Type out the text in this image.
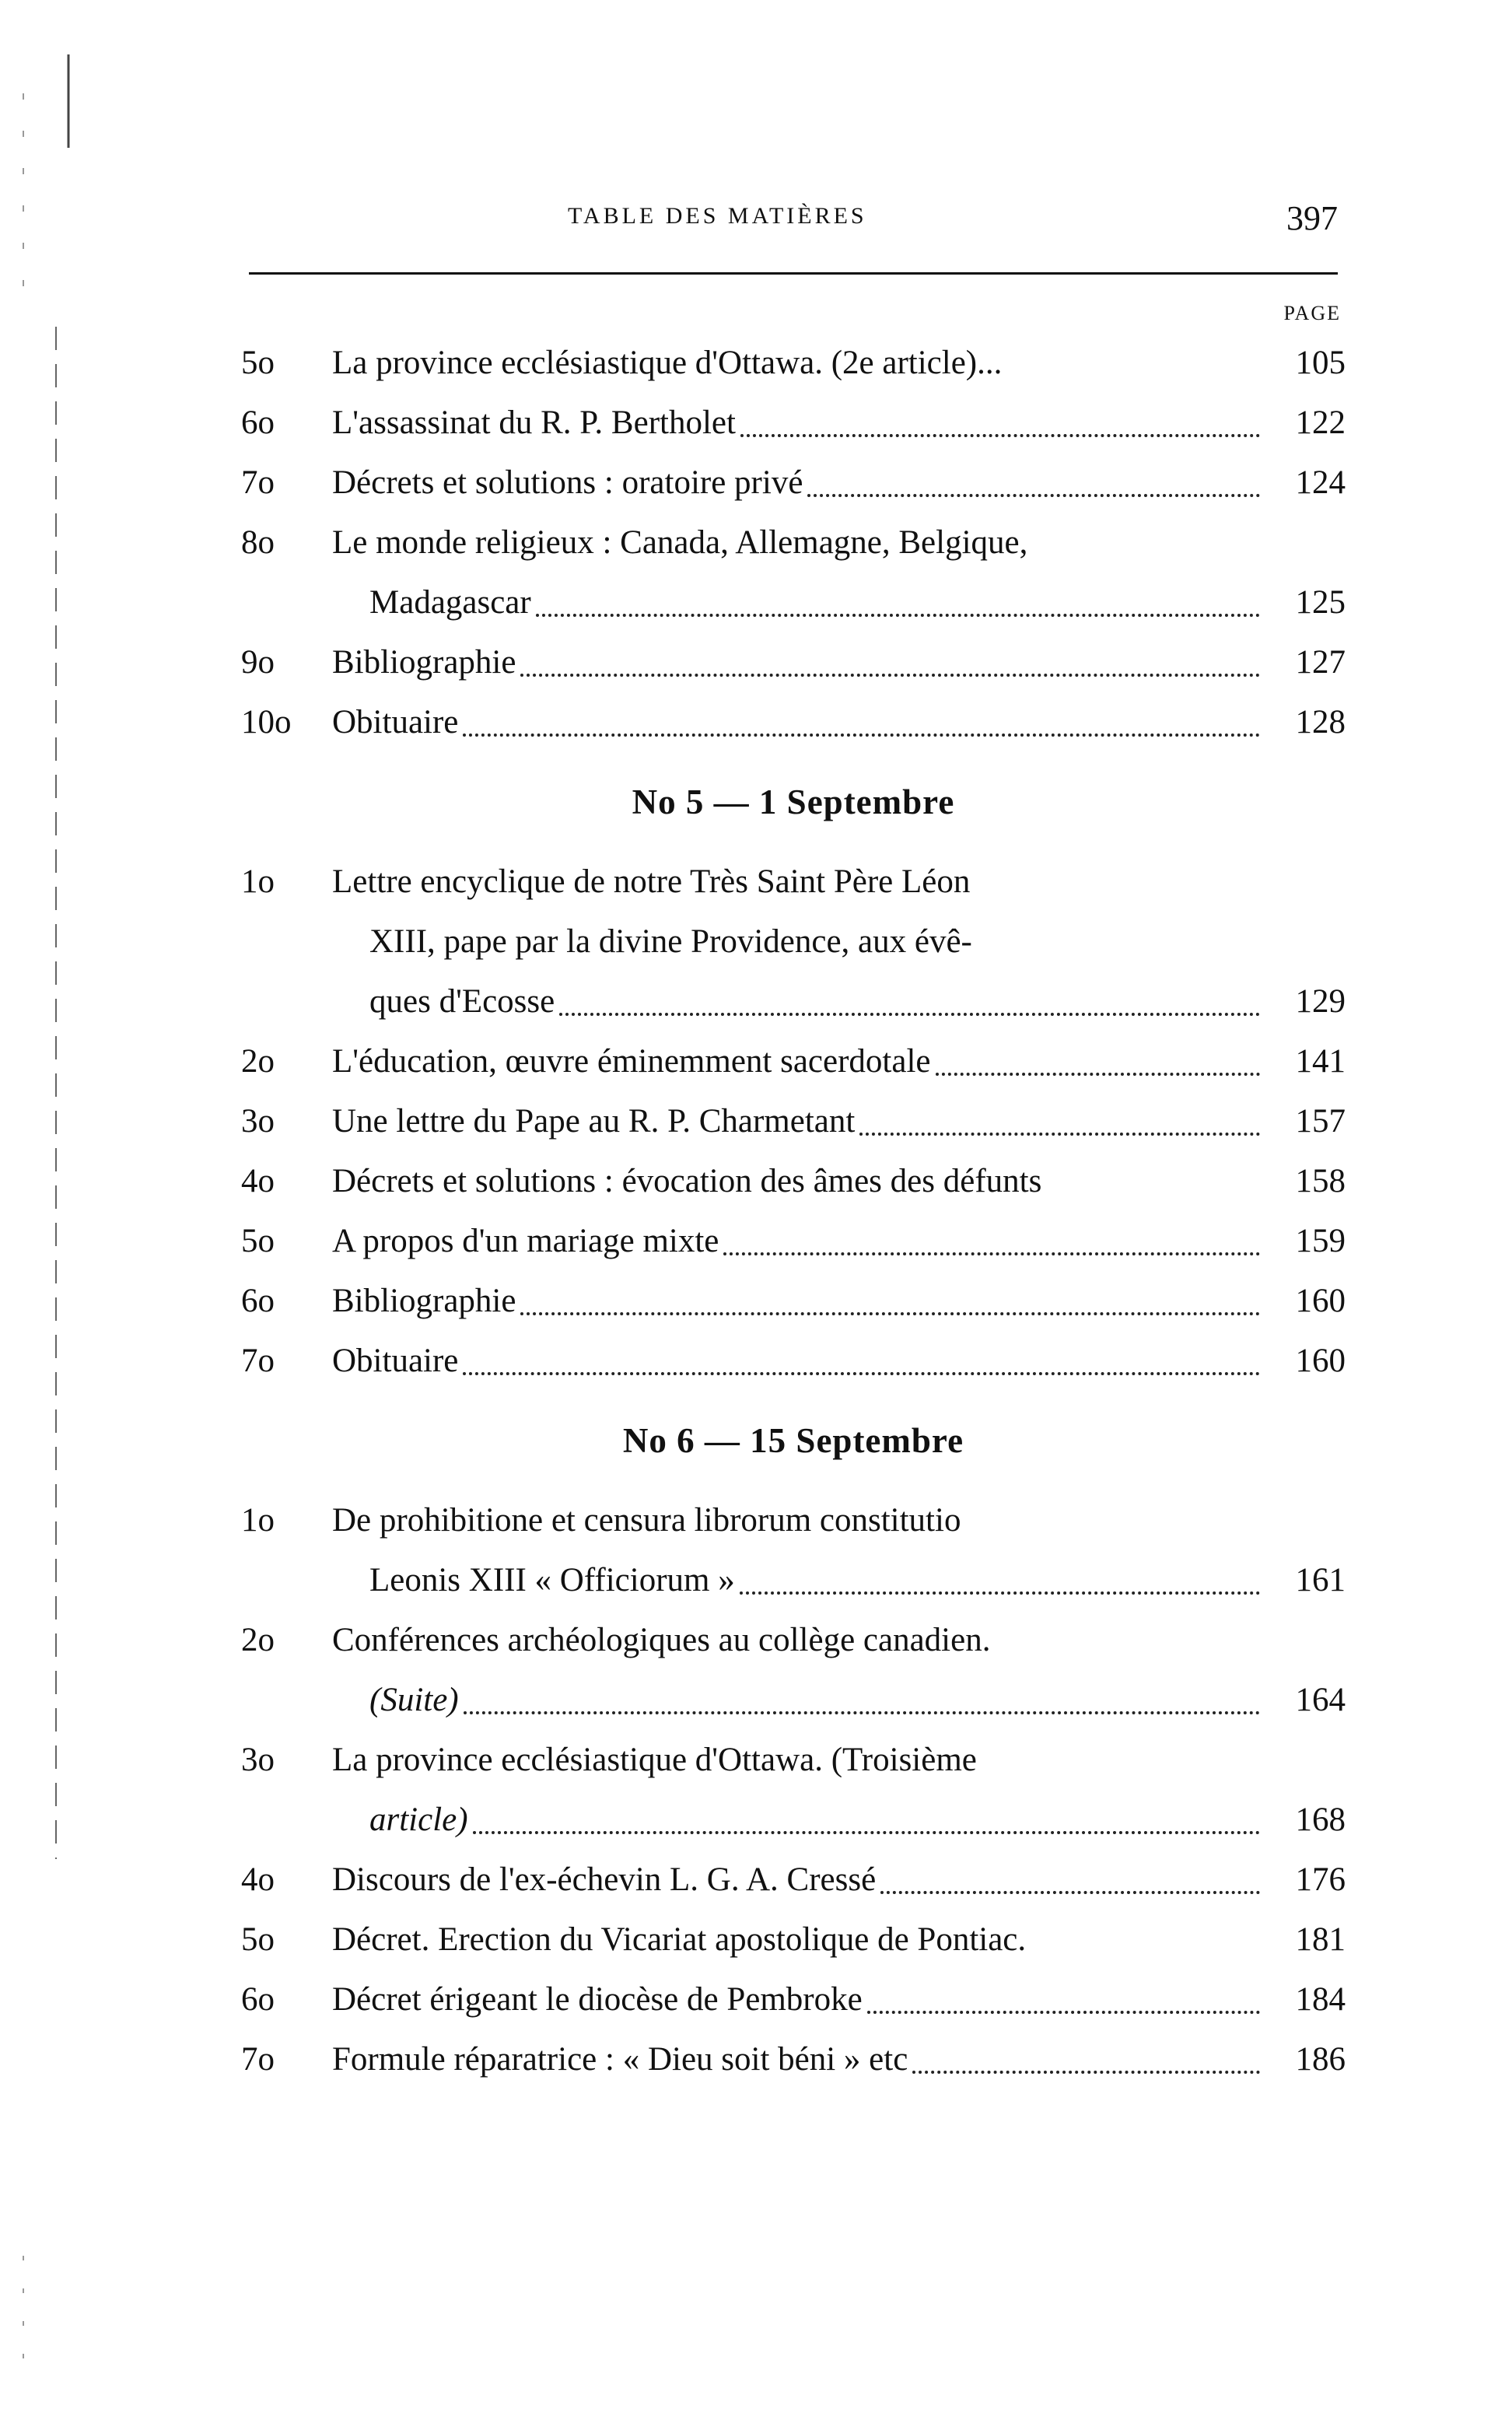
TABLE DES MATIÈRES	397
PAGE
5o	La province ecclésiastique d'Ottawa. (2e article)...	105
6o	L'assassinat du R. P. Bertholet	122
7o	Décrets et solutions : oratoire privé	124
8o	Le monde religieux : Canada, Allemagne, Belgique,
Madagascar	125
9o	Bibliographie	127
10o	Obituaire	128
No 5 — 1 Septembre
1o	Lettre encyclique de notre Très Saint Père Léon
XIII, pape par la divine Providence, aux évê-
ques d'Ecosse	129
2o	L'éducation, œuvre éminemment sacerdotale	141
3o	Une lettre du Pape au R. P. Charmetant	157
4o	Décrets et solutions : évocation des âmes des défunts	158
5o	A propos d'un mariage mixte	159
6o	Bibliographie	160
7o	Obituaire	160
No 6 — 15 Septembre
1o	De prohibitione et censura librorum constitutio
Leonis XIII « Officiorum »	161
2o	Conférences archéologiques au collège canadien.
(Suite)	164
3o	La province ecclésiastique d'Ottawa. (Troisième
article)	168
4o	Discours de l'ex-échevin L. G. A. Cressé	176
5o	Décret. Erection du Vicariat apostolique de Pontiac.	181
6o	Décret érigeant le diocèse de Pembroke	184
7o	Formule réparatrice : « Dieu soit béni » etc	186
